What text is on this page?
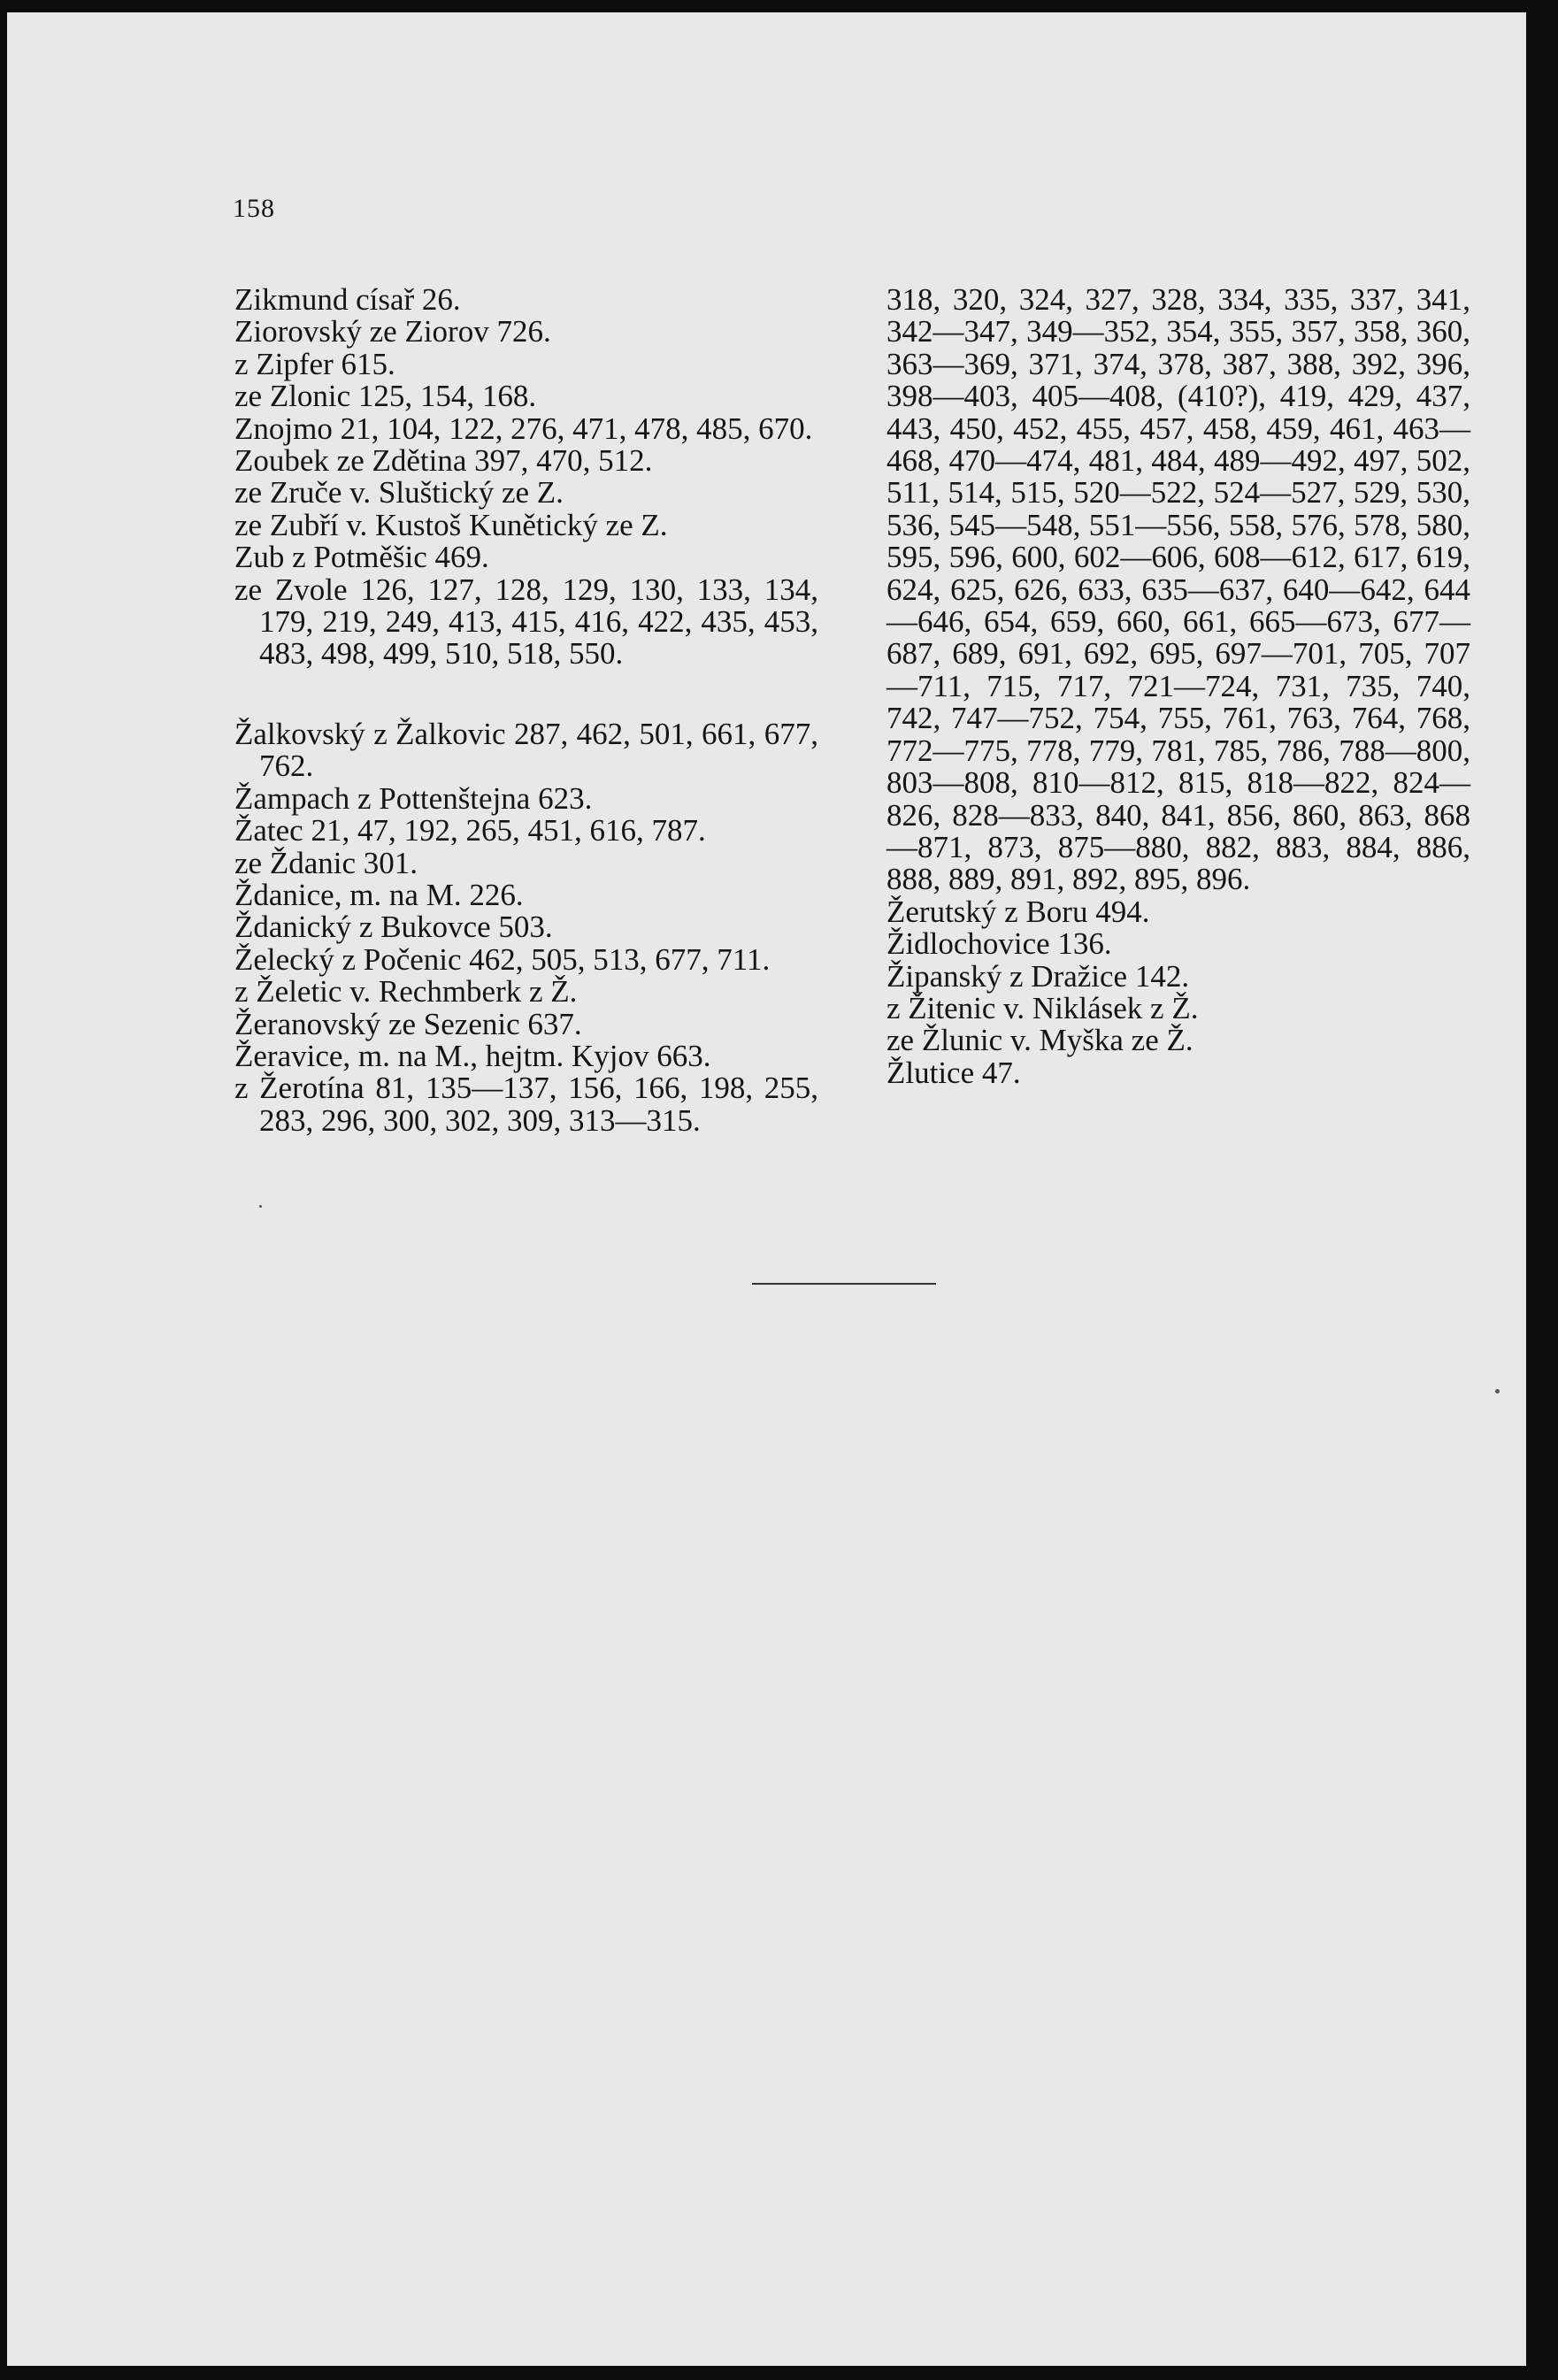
158
Zikmund císař 26.
Ziorovský ze Ziorov 726.
z Zipfer 615.
ze Zlonic 125, 154, 168.
Znojmo 21, 104, 122, 276, 471, 478, 485, 670.
Zoubek ze Zdětina 397, 470, 512.
ze Zruče v. Sluštický ze Z.
ze Zubří v. Kustoš Kunětický ze Z.
Zub z Potměšic 469.
ze Zvole 126, 127, 128, 129, 130, 133, 134, 179, 219, 249, 413, 415, 416, 422, 435, 453, 483, 498, 499, 510, 518, 550.
Žalkovský z Žalkovic 287, 462, 501, 661, 677, 762.
Žampach z Pottenštejna 623.
Žatec 21, 47, 192, 265, 451, 616, 787.
ze Ždanic 301.
Ždanice, m. na M. 226.
Ždanický z Bukovce 503.
Želecký z Počenic 462, 505, 513, 677, 711.
z Želetic v. Rechmberk z Ž.
Žeranovský ze Sezenic 637.
Žeravice, m. na M., hejtm. Kyjov 663.
z Žerotína 81, 135—137, 156, 166, 198, 255, 283, 296, 300, 302, 309, 313—315.
318, 320, 324, 327, 328, 334, 335, 337, 341, 342—347, 349—352, 354, 355, 357, 358, 360, 363—369, 371, 374, 378, 387, 388, 392, 396, 398—403, 405—408, (410?), 419, 429, 437, 443, 450, 452, 455, 457, 458, 459, 461, 463—468, 470—474, 481, 484, 489—492, 497, 502, 511, 514, 515, 520—522, 524—527, 529, 530, 536, 545—548, 551—556, 558, 576, 578, 580, 595, 596, 600, 602—606, 608—612, 617, 619, 624, 625, 626, 633, 635—637, 640—642, 644—646, 654, 659, 660, 661, 665—673, 677—687, 689, 691, 692, 695, 697—701, 705, 707—711, 715, 717, 721—724, 731, 735, 740, 742, 747—752, 754, 755, 761, 763, 764, 768, 772—775, 778, 779, 781, 785, 786, 788—800, 803—808, 810—812, 815, 818—822, 824—826, 828—833, 840, 841, 856, 860, 863, 868—871, 873, 875—880, 882, 883, 884, 886, 888, 889, 891, 892, 895, 896.
Žerutský z Boru 494.
Židlochovice 136.
Žipanský z Dražice 142.
z Žitenic v. Niklásek z Ž.
ze Žlunic v. Myška ze Ž.
Žlutice 47.
